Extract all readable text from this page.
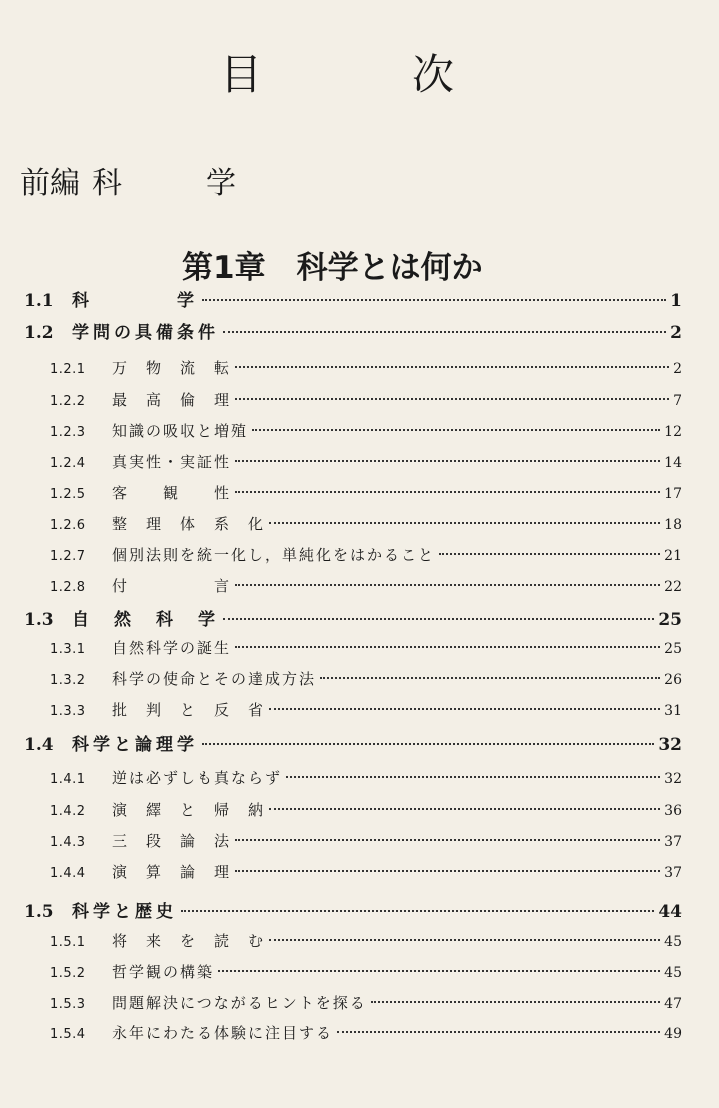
目	次
前編 科	学
第1章　科学とは何か
1.1	科　　　　学	1
1.2	学問の具備条件	2
1.2.1	万　物　流　転	2
1.2.2	最　高　倫　理	7
1.2.3	知識の吸収と増殖	12
1.2.4	真実性・実証性	14
1.2.5	客　　観　　性	17
1.2.6	整　理　体　系　化	18
1.2.7	個別法則を統一化し，単純化をはかること	21
1.2.8	付　　　　　言	22
1.3	自　然　科　学	25
1.3.1	自然科学の誕生	25
1.3.2	科学の使命とその達成方法	26
1.3.3	批　判　と　反　省	31
1.4	科学と論理学	32
1.4.1	逆は必ずしも真ならず	32
1.4.2	演　繹　と　帰　納	36
1.4.3	三　段　論　法	37
1.4.4	演　算　論　理	37
1.5	科学と歴史	44
1.5.1	将　来　を　読　む	45
1.5.2	哲学観の構築	45
1.5.3	問題解決につながるヒントを探る	47
1.5.4	永年にわたる体験に注目する	49
